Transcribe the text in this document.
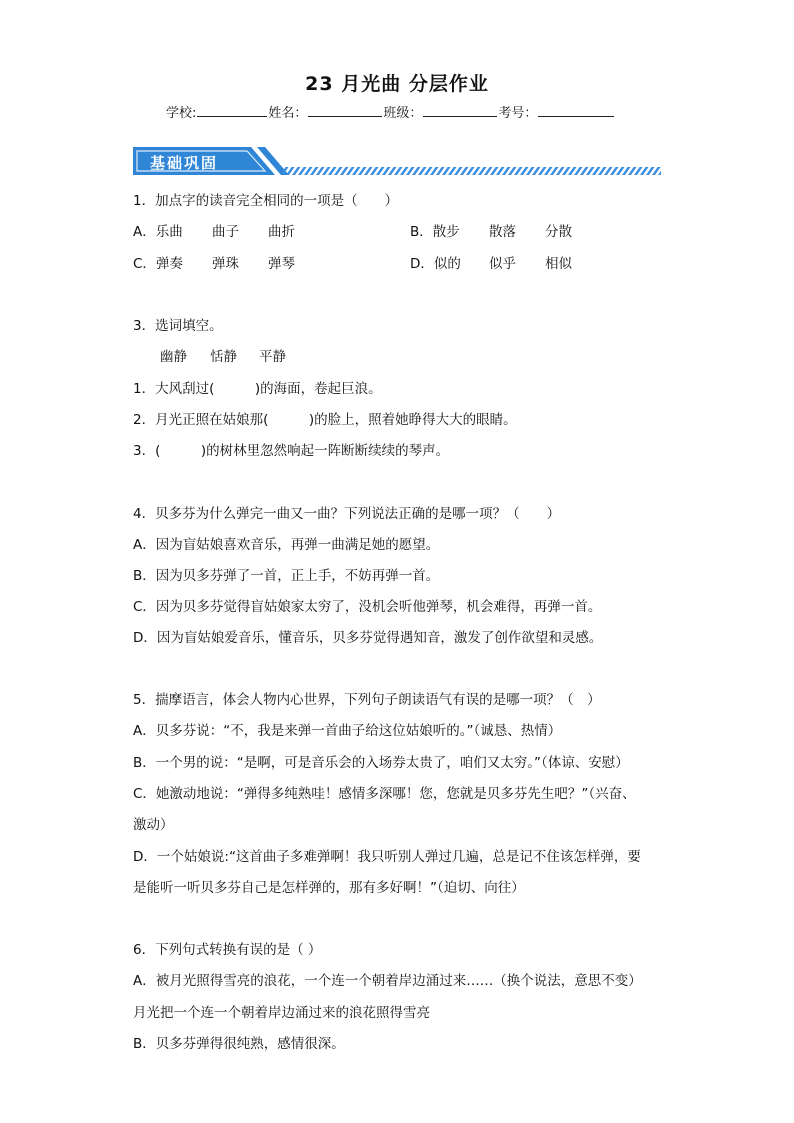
23 月光曲 分层作业
学校:	姓名：	班级：	考号：
基础巩固
1．加点字的读音完全相同的一项是（　　）
A．乐曲 曲子 曲折	B．散步 散落 分散
C．弹奏 弹珠 弹琴	D．似的 似乎 相似
3．选词填空。
幽静 恬静 平静
1．大风刮过(　　　)的海面，卷起巨浪。
2．月光正照在姑娘那(　　　)的脸上，照着她睁得大大的眼睛。
3．(　　　)的树林里忽然响起一阵断断续续的琴声。
4．贝多芬为什么弹完一曲又一曲？下列说法正确的是哪一项？（　　）
A．因为盲姑娘喜欢音乐，再弹一曲满足她的愿望。
B．因为贝多芬弹了一首，正上手，不妨再弹一首。
C．因为贝多芬觉得盲姑娘家太穷了，没机会听他弹琴，机会难得，再弹一首。
D．因为盲姑娘爱音乐，懂音乐，贝多芬觉得遇知音，激发了创作欲望和灵感。
5．揣摩语言，体会人物内心世界，下列句子朗读语气有误的是哪一项？（　）
A．贝多芬说：“不，我是来弹一首曲子给这位姑娘听的。”（诚恳、热情）
B．一个男的说：“是啊，可是音乐会的入场券太贵了，咱们又太穷。”（体谅、安慰）
C．她激动地说：“弹得多纯熟哇！感情多深哪！您，您就是贝多芬先生吧？”（兴奋、
激动）
D．一个姑娘说:“这首曲子多难弹啊！我只听别人弹过几遍，总是记不住该怎样弹，要
是能听一听贝多芬自己是怎样弹的，那有多好啊！”（迫切、向往）
6．下列句式转换有误的是（ ）
A．被月光照得雪亮的浪花，一个连一个朝着岸边涌过来……（换个说法，意思不变）
月光把一个连一个朝着岸边涌过来的浪花照得雪亮
B．贝多芬弹得很纯熟，感情很深。
